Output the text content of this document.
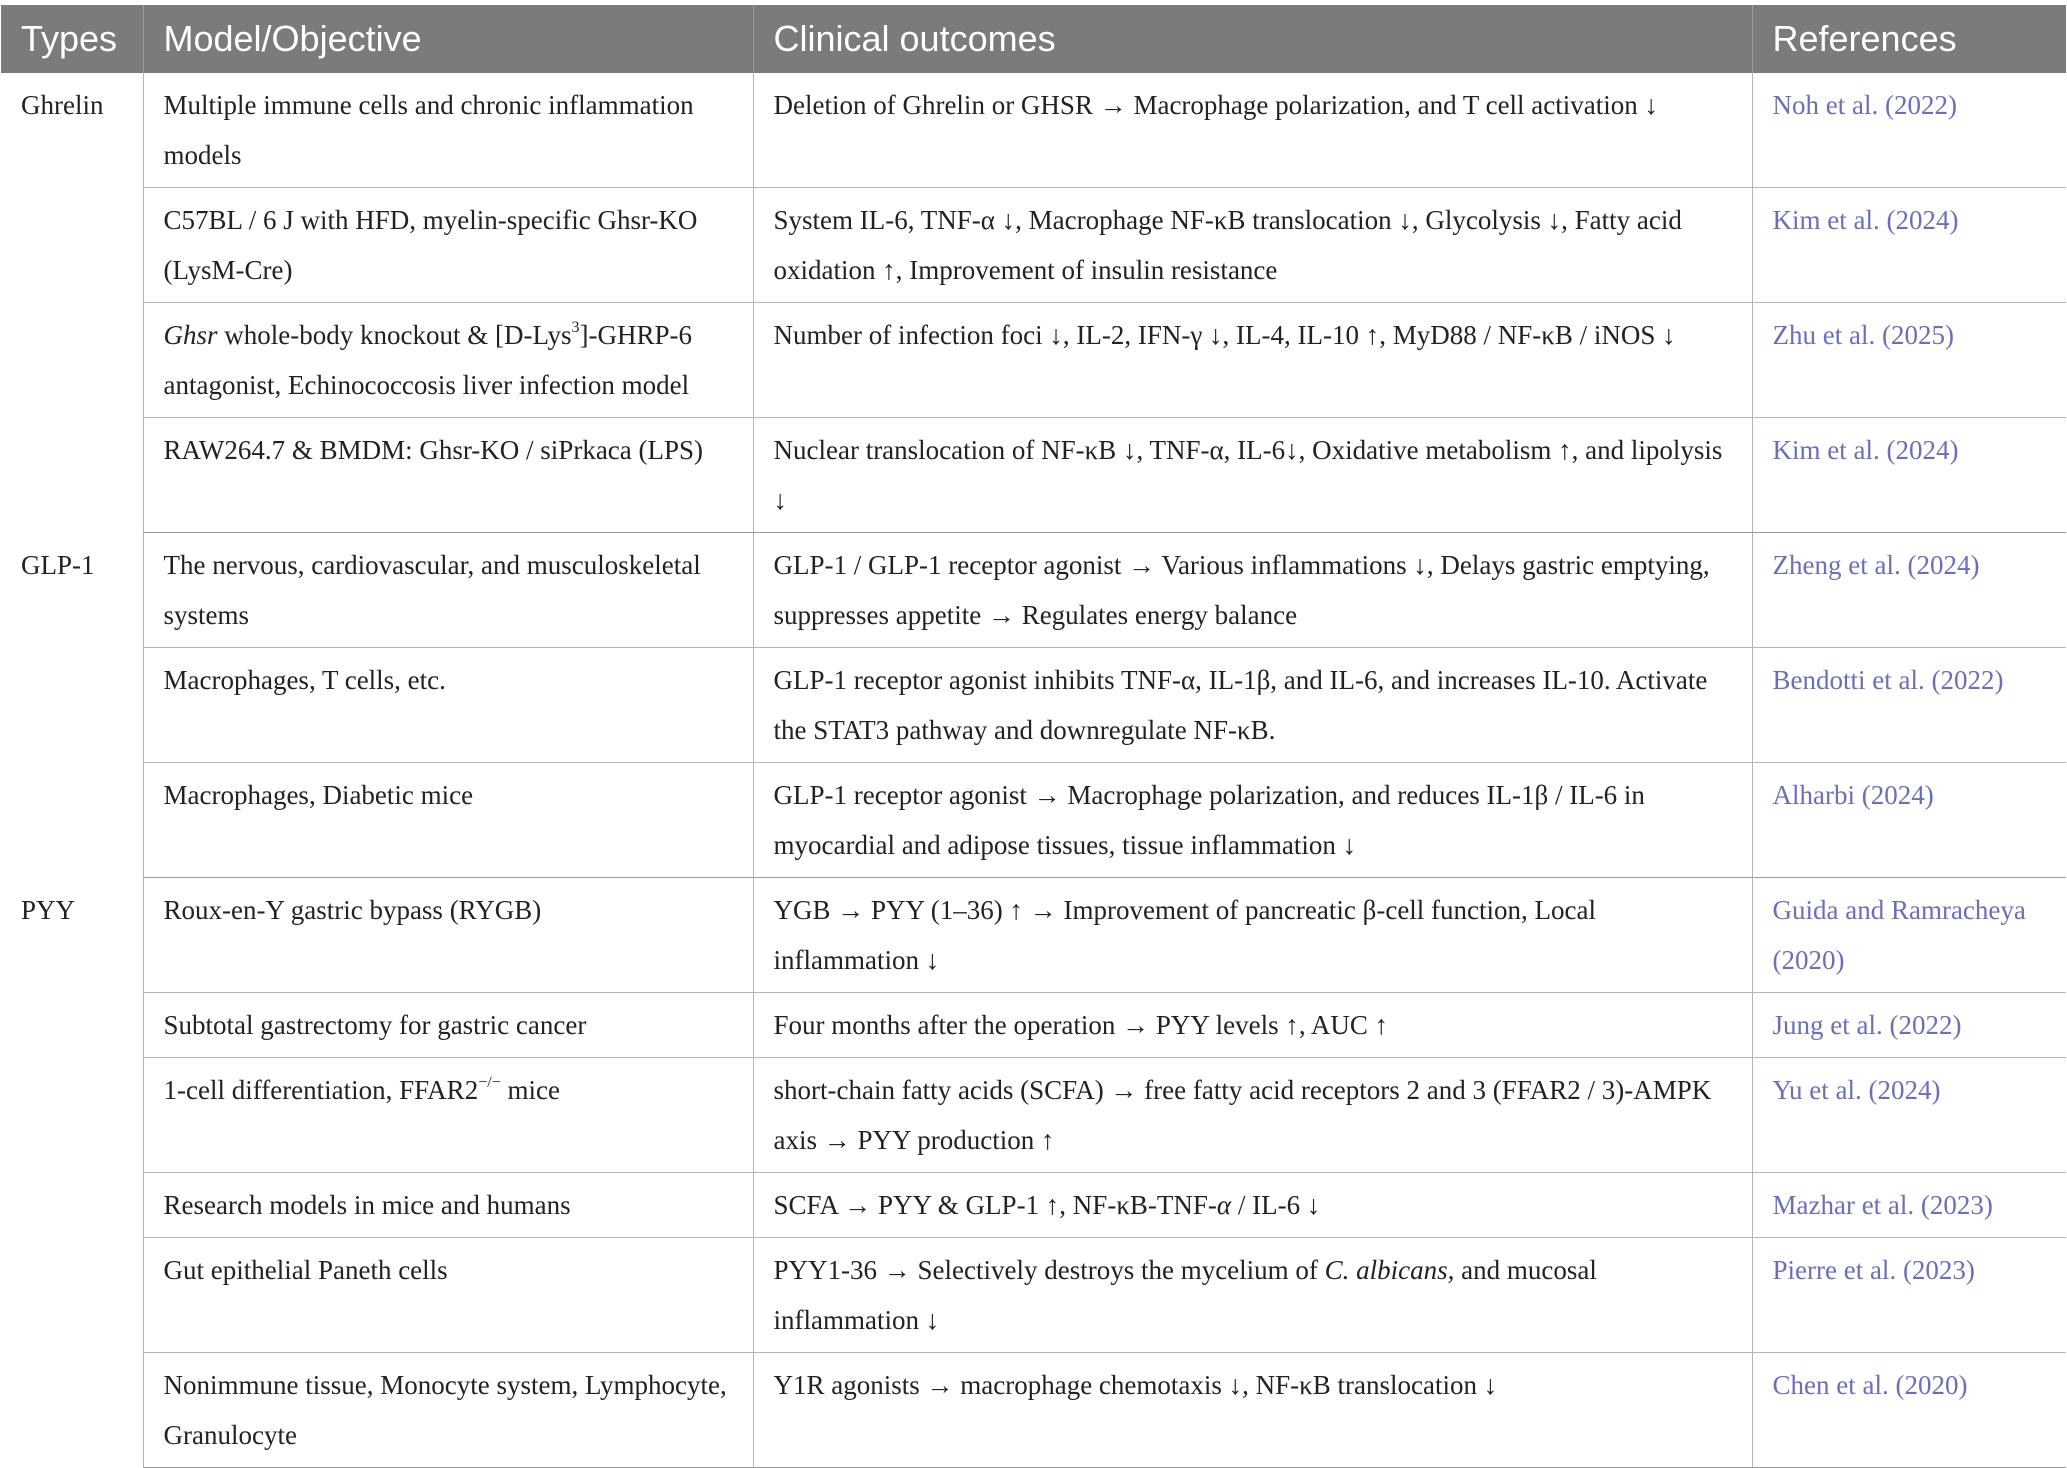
Types	Model/Objective	Clinical outcomes	References
Ghrelin	Multiple immune cells and chronic inflammation models	Deletion of Ghrelin or GHSR → Macrophage polarization, and T cell activation ↓	Noh et al. (2022)
	C57BL / 6 J with HFD, myelin-specific Ghsr-KO (LysM-Cre)	System IL-6, TNF-α ↓, Macrophage NF-κB translocation ↓, Glycolysis ↓, Fatty acid oxidation ↑, Improvement of insulin resistance	Kim et al. (2024)
	Ghsr whole-body knockout & [D-Lys$^3$]-GHRP-6 antagonist, Echinococcosis liver infection model	Number of infection foci ↓, IL-2, IFN-γ ↓, IL-4, IL-10 ↑, MyD88 / NF-κB / iNOS ↓	Zhu et al. (2025)
	RAW264.7 & BMDM: Ghsr-KO / siPrkaca (LPS)	Nuclear translocation of NF-κB ↓, TNF-α, IL-6↓, Oxidative metabolism ↑, and lipolysis ↓	Kim et al. (2024)
GLP-1	The nervous, cardiovascular, and musculoskeletal systems	GLP-1 / GLP-1 receptor agonist → Various inflammations ↓, Delays gastric emptying, suppresses appetite → Regulates energy balance	Zheng et al. (2024)
	Macrophages, T cells, etc.	GLP-1 receptor agonist inhibits TNF-α, IL-1β, and IL-6, and increases IL-10. Activate the STAT3 pathway and downregulate NF-κB.	Bendotti et al. (2022)
	Macrophages, Diabetic mice	GLP-1 receptor agonist → Macrophage polarization, and reduces IL-1β / IL-6 in myocardial and adipose tissues, tissue inflammation ↓	Alharbi (2024)
PYY	Roux-en-Y gastric bypass (RYGB)	YGB → PYY (1–36) ↑ → Improvement of pancreatic β-cell function, Local inflammation ↓	Guida and Ramracheya (2020)
	Subtotal gastrectomy for gastric cancer	Four months after the operation → PYY levels ↑, AUC ↑	Jung et al. (2022)
	1-cell differentiation, FFAR2−/− mice	short-chain fatty acids (SCFA) → free fatty acid receptors 2 and 3 (FFAR2 / 3)-AMPK axis → PYY production ↑	Yu et al. (2024)
	Research models in mice and humans	SCFA → PYY & GLP-1 ↑, NF-κB-TNF-α / IL-6 ↓	Mazhar et al. (2023)
	Gut epithelial Paneth cells	PYY1-36 → Selectively destroys the mycelium of C. albicans, and mucosal inflammation ↓	Pierre et al. (2023)
	Nonimmune tissue, Monocyte system, Lymphocyte, Granulocyte	Y1R agonists → macrophage chemotaxis ↓, NF-κB translocation ↓	Chen et al. (2020)
